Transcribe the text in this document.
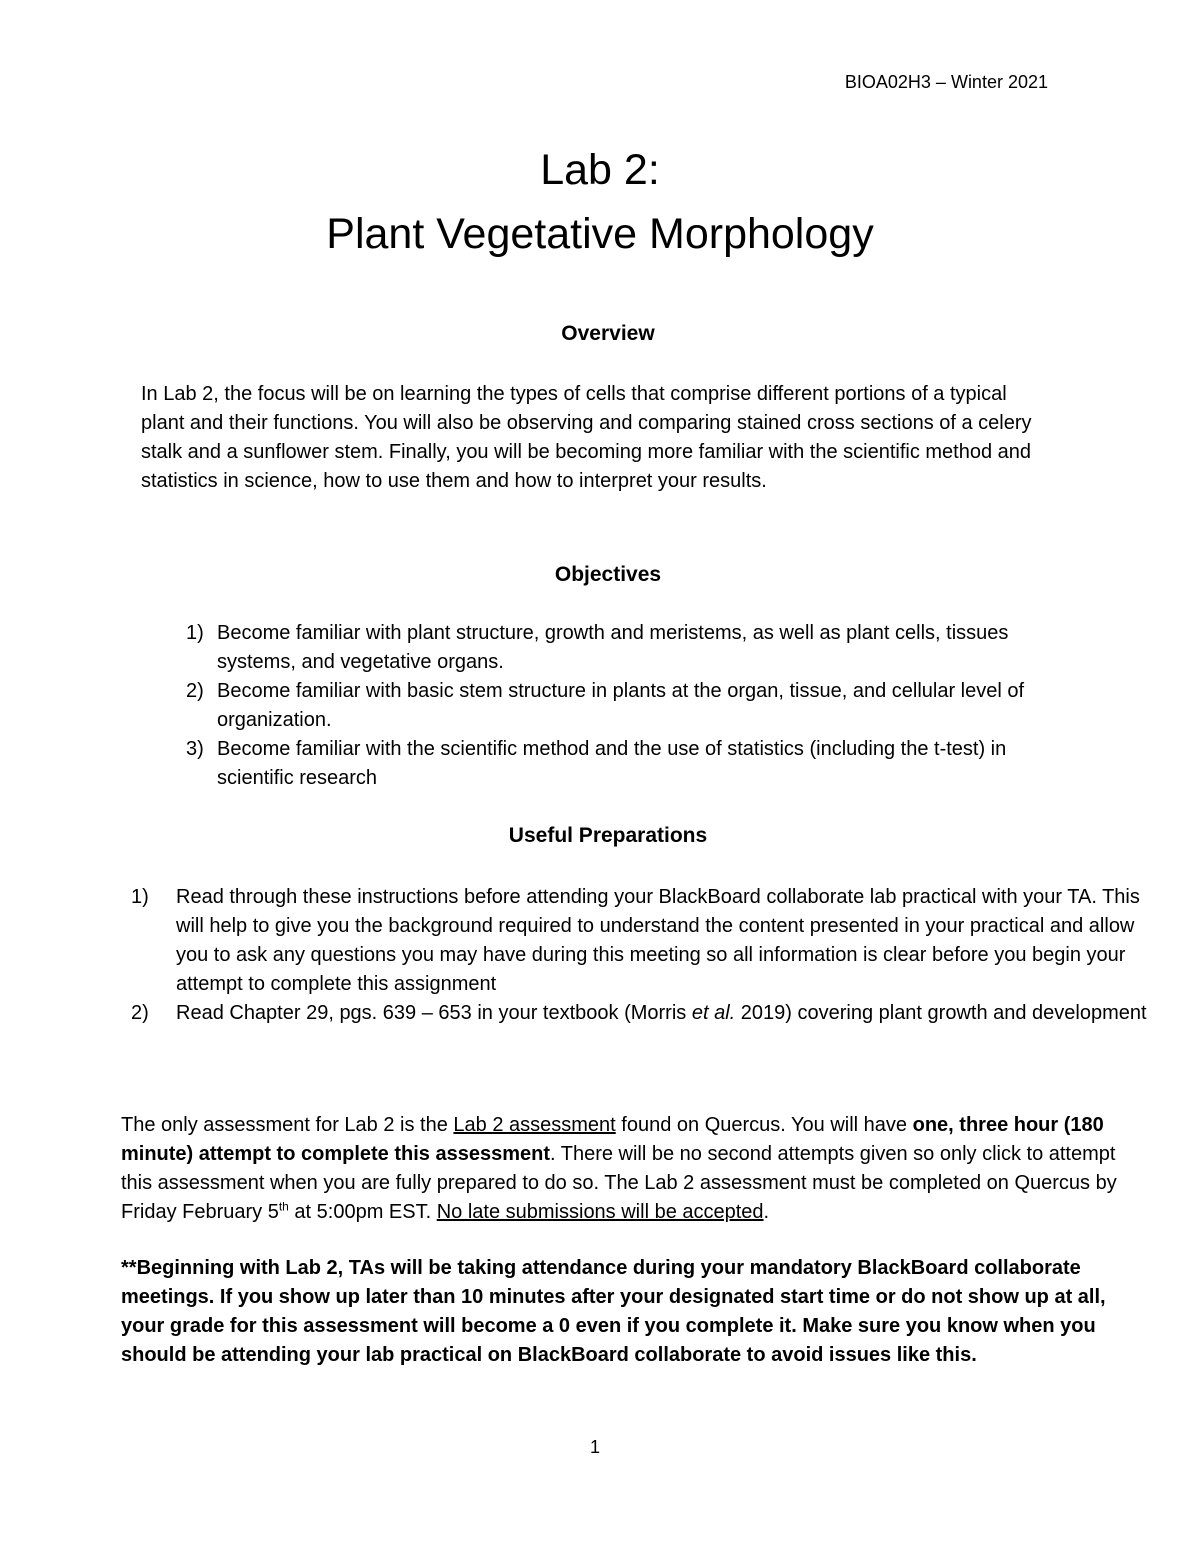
BIOA02H3 – Winter 2021
Lab 2:
Plant Vegetative Morphology
Overview
In Lab 2, the focus will be on learning the types of cells that comprise different portions of a typical plant and their functions. You will also be observing and comparing stained cross sections of a celery stalk and a sunflower stem. Finally, you will be becoming more familiar with the scientific method and statistics in science, how to use them and how to interpret your results.
Objectives
1) Become familiar with plant structure, growth and meristems, as well as plant cells, tissues systems, and vegetative organs.
2) Become familiar with basic stem structure in plants at the organ, tissue, and cellular level of organization.
3) Become familiar with the scientific method and the use of statistics (including the t-test) in scientific research
Useful Preparations
1) Read through these instructions before attending your BlackBoard collaborate lab practical with your TA. This will help to give you the background required to understand the content presented in your practical and allow you to ask any questions you may have during this meeting so all information is clear before you begin your attempt to complete this assignment
2) Read Chapter 29, pgs. 639 – 653 in your textbook (Morris et al. 2019) covering plant growth and development
The only assessment for Lab 2 is the Lab 2 assessment found on Quercus. You will have one, three hour (180 minute) attempt to complete this assessment. There will be no second attempts given so only click to attempt this assessment when you are fully prepared to do so. The Lab 2 assessment must be completed on Quercus by Friday February 5th at 5:00pm EST. No late submissions will be accepted.
**Beginning with Lab 2, TAs will be taking attendance during your mandatory BlackBoard collaborate meetings. If you show up later than 10 minutes after your designated start time or do not show up at all, your grade for this assessment will become a 0 even if you complete it. Make sure you know when you should be attending your lab practical on BlackBoard collaborate to avoid issues like this.
1
